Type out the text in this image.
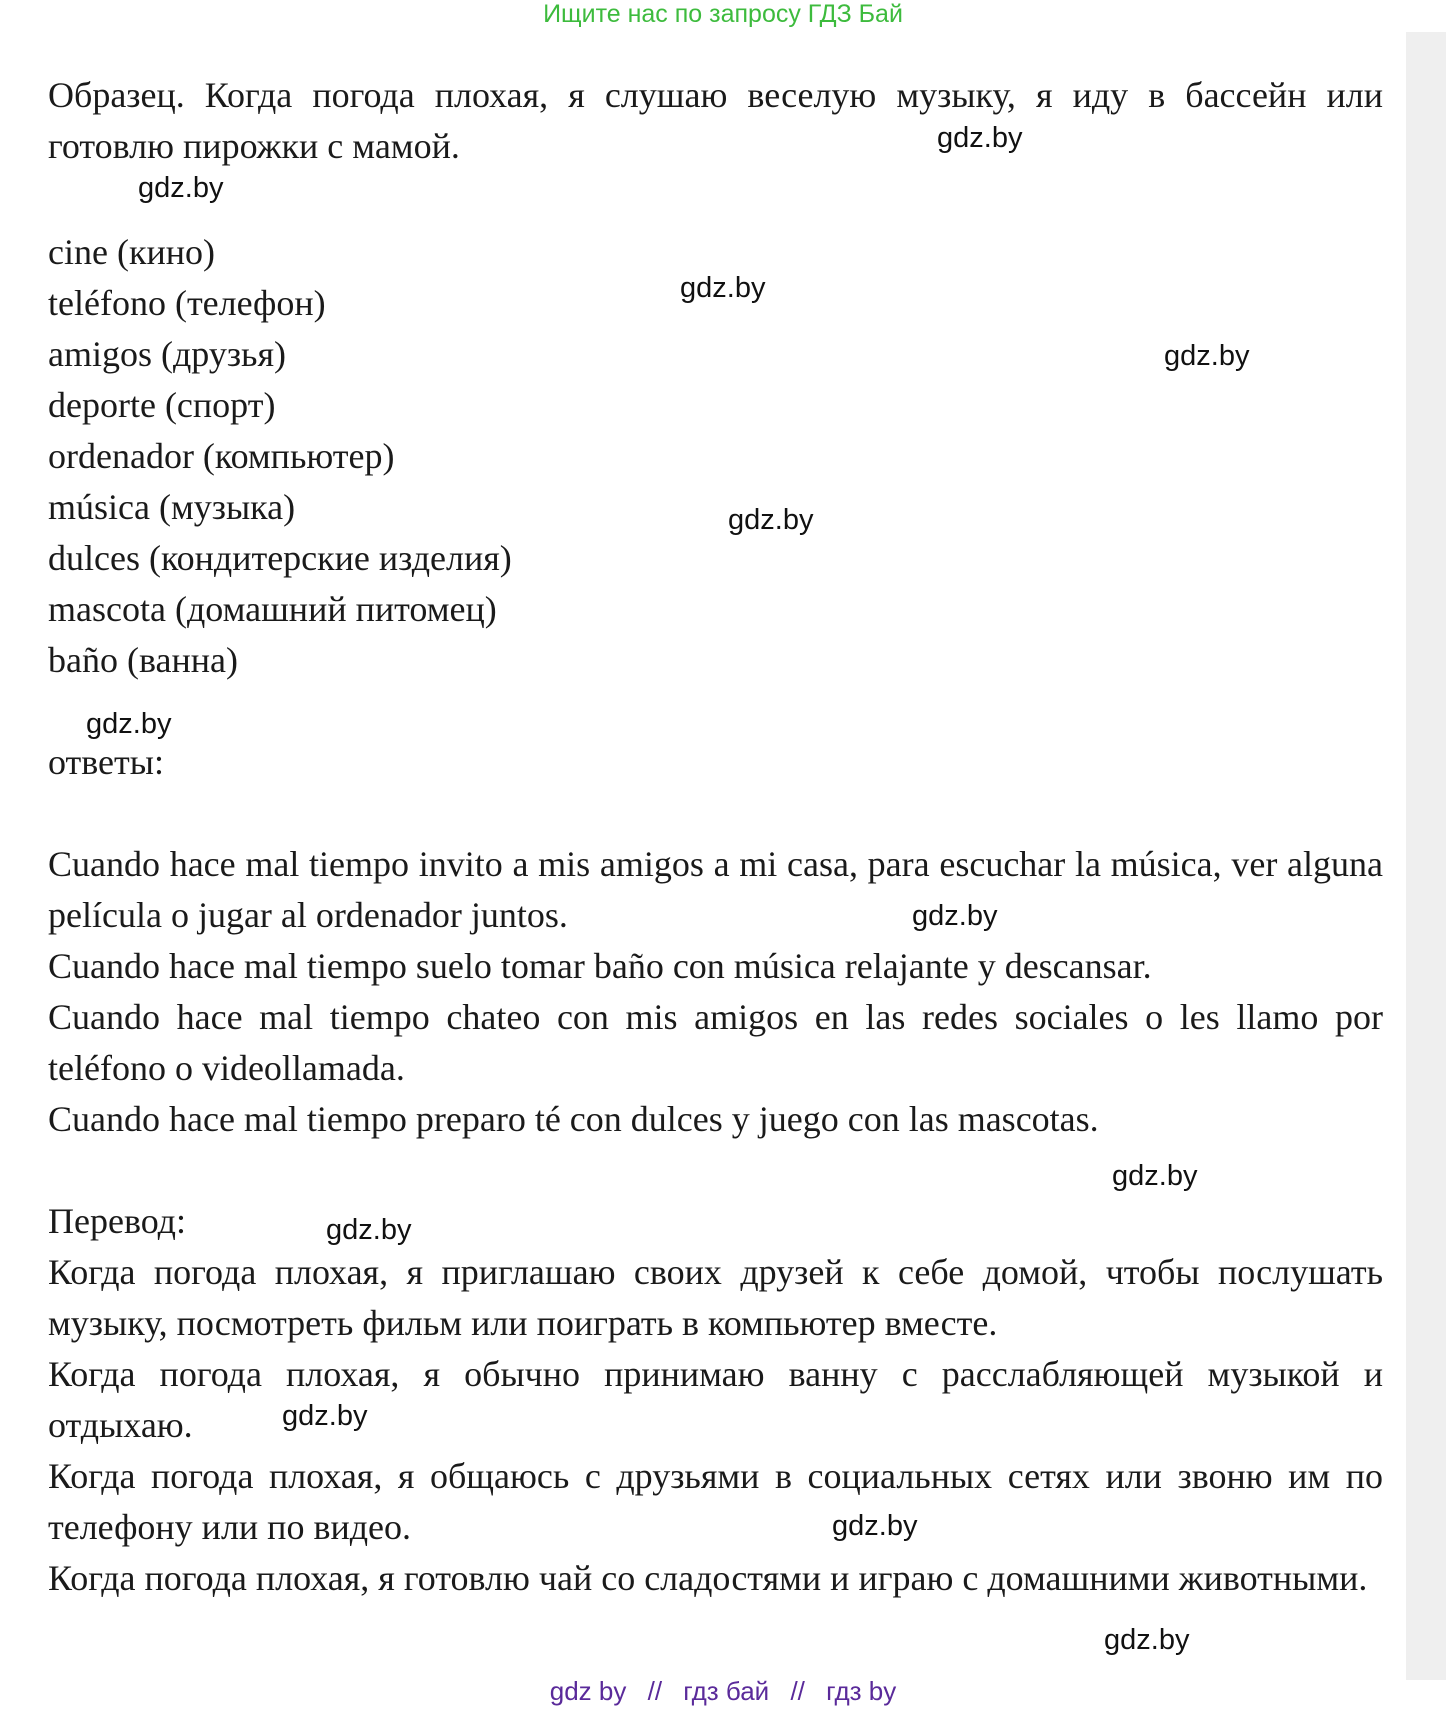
Ищите нас по запросу ГДЗ Бай

Образец. Когда погода плохая, я слушаю веселую музыку, я иду в бассейн или готовлю пирожки с мамой.

cine (кино)
teléfono (телефон)
amigos (друзья)
deporte (спорт)
ordenador (компьютер)
música (музыка)
dulces (кондитерские изделия)
mascota (домашний питомец)
baño (ванна)

ответы:

Cuando hace mal tiempo invito a mis amigos a mi casa, para escuchar la música, ver alguna película o jugar al ordenador juntos.

Cuando hace mal tiempo suelo tomar baño con música relajante y descansar.

Cuando hace mal tiempo chateo con mis amigos en las redes sociales o les llamo por teléfono o videollamada.

Cuando hace mal tiempo preparo té con dulces y juego con las mascotas.

Перевод:

Когда погода плохая, я приглашаю своих друзей к себе домой, чтобы послушать музыку, посмотреть фильм или поиграть в компьютер вместе.

Когда погода плохая, я обычно принимаю ванну с расслабляющей музыкой и отдыхаю.

Когда погода плохая, я общаюсь с друзьями в социальных сетях или звоню им по телефону или по видео.

Когда погода плохая, я готовлю чай со сладостями и играю с домашними животными.

gdz.by
gdz.by
gdz.by
gdz.by
gdz.by
gdz.by
gdz.by
gdz.by
gdz.by
gdz.by
gdz.by
gdz.by
gdz by // гдз бай // гдз by
